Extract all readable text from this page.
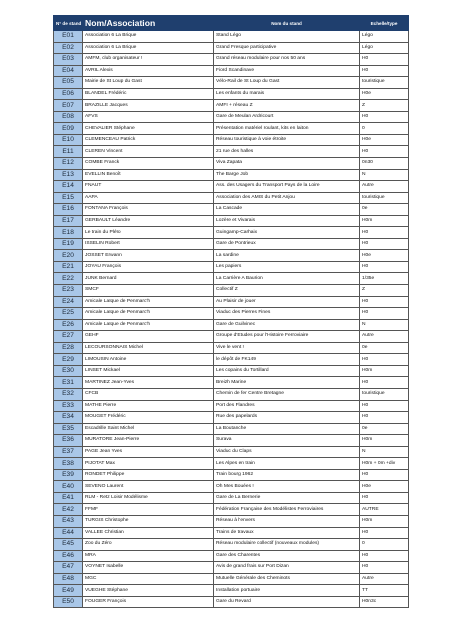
N° de stand	Nom/Association	Nom du stand	Echelle/type
E01	Association 6 La Brique	Stand Légo	Légo
E02	Association 6 La Brique	Grand Fresque participative	Légo
E03	AMFM, club organisateur !	Grand réseau modulaire pour nos 50 ans	H0
E04	AVRIL Alexis	Fiord Scandinave	H0
E05	Mairie de St Loup du Gast	Vélo-Rail de St Loup du Gast	touristique
E06	BLANDEL Frédéric	Les enfants du marais	H0e
E07	BRAZILLE Jacques	AMFI + réseau Z	Z
E08	AFVS	Gare de Meulan Ardricourt	H0
E09	CHEVALIER Stéphane	Présentation matériel roulant, kits en laiton	0
E10	CLEMENCEAU Patrick	Réseau touristique à voie étroite	H0e
E11	CLEREN Vincent	21 rue des halles	H0
E12	COMBE Franck	Viva Zapata	0n30
E13	EVELLIN Benoît	The Barge Job	N
E14	FNAUT	Ass. des Usagers du Transport Pays de la Loire	Autre
E15	AAPA	Association des AMIS du Petit Anjou	touristique
E16	FONTANA François	La Cascade	0e
E17	GERBAULT Léandre	Lozère et Vivarais	H0m
E18	Le train du Pléïo	Guingamp-Carhaix	H0
E19	ISSELIN Robert	Gare de Pontrieux	H0
E20	JOSSET Erwann	La sardine	H0e
E21	JOYAU François	Les papiers	H0
E22	JUNK Bernard	La Carrière A Baurion	1/35e
E23	SMCF	Collectif Z	Z
E24	Amicale Laïque de Penmarc'h	Au Plaisir de jouer	H0
E25	Amicale Laïque de Penmarc'h	Viaduc des Pierres Fines	H0
E26	Amicale Laïque de Penmarc'h	Gare de Guilvinec	N
E27	GEHF	Groupe d'Etudes pour l'Histoire Ferroviaire	Autre
E28	LECOURSONNAIS Michel	Vive le vent !	0e
E29	LIMOUSIN Antoine	le dépôt de FK149	H0
E30	LINSET Mickael	Les copains du Tortillard	H0m
E31	MARTINEZ Jean-Yves	Breizh Marine	H0
E32	CFCB	Chemin de fer Centre Bretagne	touristique
E33	MATHE Pierre	Port des Flandres	H0
E34	MOUGET Frédéric	Rue des papelards	H0
E35	Escadrille Saint Michel	La Boutanche	0e
E36	MURATORE Jean-Pierre	Surava	H0m
E37	PAGE Jean Yves	Viaduc du Claps	N
E38	PIJOTAT Max	Les Alpes en train	H0m + 0m +div
E39	RONDET Philippe	Train bourg 1962	H0
E40	SEVENO Laurent	Oh Mes Bouées !	H0e
E41	RLM - Retz Loisir Modélisme	Gare de La Bernerie	H0
E42	FFMF	Fédération Française des Modélistes Ferroviaires	AUTRE
E43	TURGIS Christophe	Réseau à l'envers	H0m
E44	VALLEE Christian	Trains de travaux	H0
E45	Zoo du Zéro	Réseau modulaire collectif (nouveaux modules)	0
E46	MRA	Gare des Charentes	H0
E47	VOYNET Isabelle	Avis de grand frais sur Port Dizan	H0
E48	MGC	Mutuelle Générale des Cheminots	Autre
E49	VUEGHE Stéphane	Installation portuaire	TT
E50	FOUGER François	Gare du Revard	H0n3c
